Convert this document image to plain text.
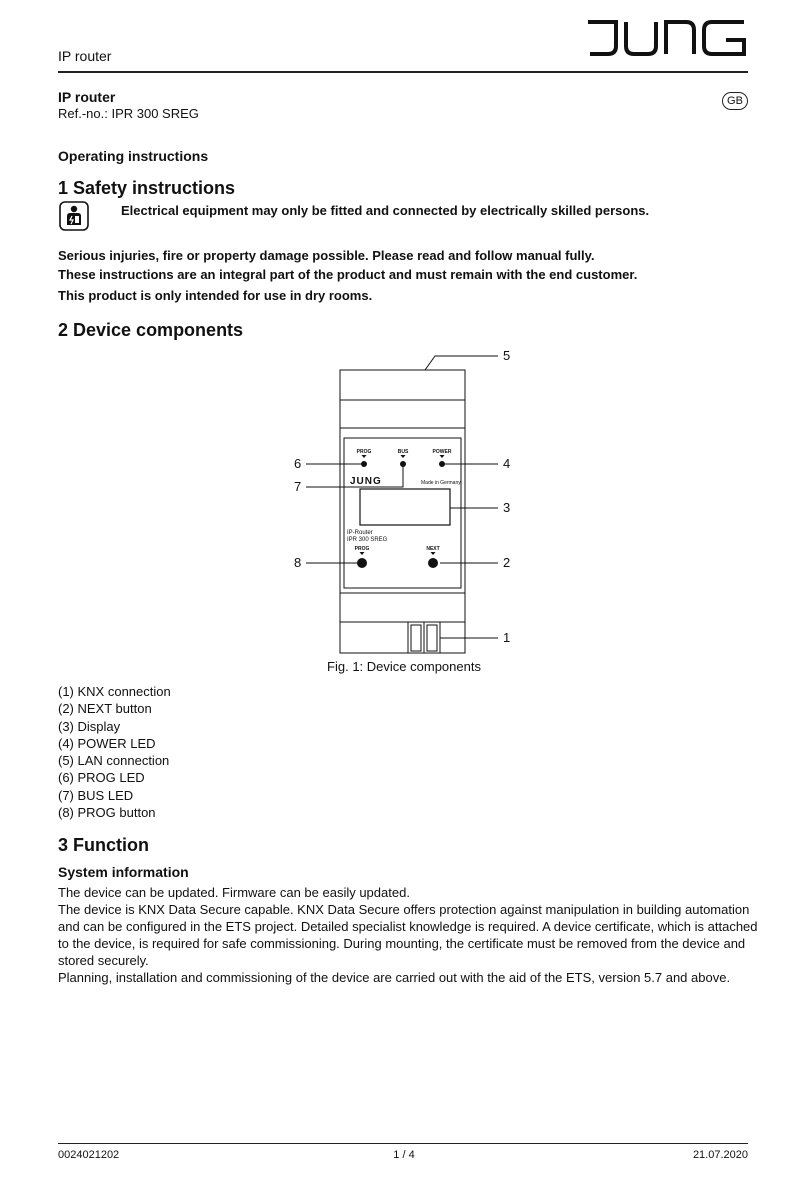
IP router
JUNG
IP router
Ref.-no.: IPR 300 SREG
GB
Operating instructions
1 Safety instructions
Electrical equipment may only be fitted and connected by electrically skilled persons.
Serious injuries, fire or property damage possible. Please read and follow manual fully.
These instructions are an integral part of the product and must remain with the end customer.
This product is only intended for use in dry rooms.
2 Device components
PROG	BUS	POWER
PROG	NEXT
JUNG	Made in Germany
IP-Router
IPR 300 SREG
5
4
3
2
1
6
7
8
Fig. 1: Device components
(1) KNX connection
(2) NEXT button
(3) Display
(4) POWER LED
(5) LAN connection
(6) PROG LED
(7) BUS LED
(8) PROG button
3 Function
System information

The device can be updated. Firmware can be easily updated.

The device is KNX Data Secure capable. KNX Data Secure offers protection against manipulation in building automation and can be configured in the ETS project. Detailed specialist knowledge is required. A device certificate, which is attached to the device, is required for safe commissioning. During mounting, the certificate must be removed from the device and stored securely.

Planning, installation and commissioning of the device are carried out with the aid of the ETS, version 5.7 and above.

0024021202	1 / 4	21.07.2020
